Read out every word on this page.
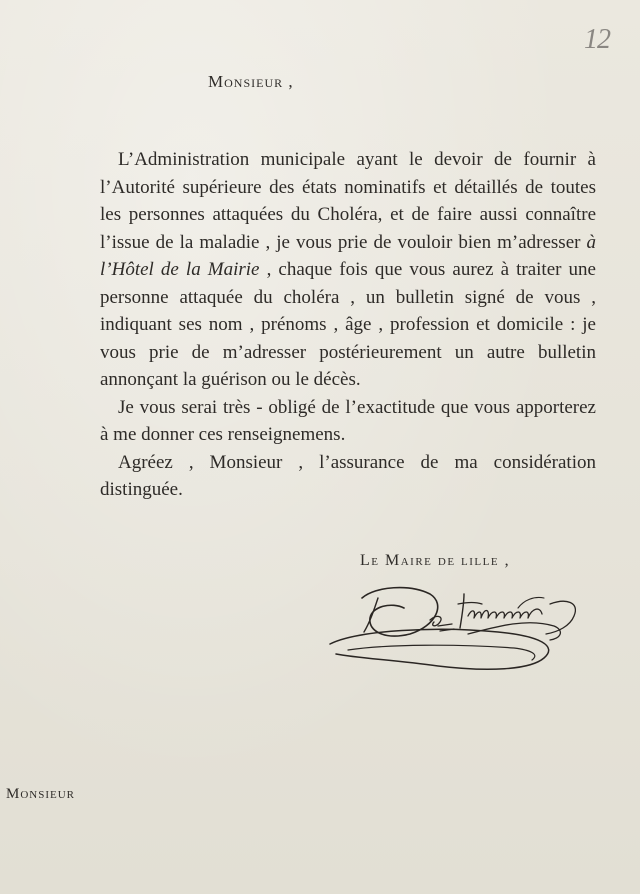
12
Monsieur ,

L’Administration municipale ayant le devoir de fournir à l’Autorité supérieure des états nominatifs et détaillés de toutes les personnes attaquées du Choléra, et de faire aussi connaître l’issue de la maladie , je vous prie de vouloir bien m’adresser à l’Hôtel de la Mairie , chaque fois que vous aurez à traiter une personne attaquée du choléra , un bulletin signé de vous , indiquant ses nom , prénoms , âge , profession et domicile : je vous prie de m’adresser postérieurement un autre bulletin annonçant la guérison ou le décès.

Je vous serai très - obligé de l’exactitude que vous apporterez à me donner ces renseignemens.

Agréez , Monsieur , l’assurance de ma considération distinguée.

Le Maire de lille ,
Monsieur
